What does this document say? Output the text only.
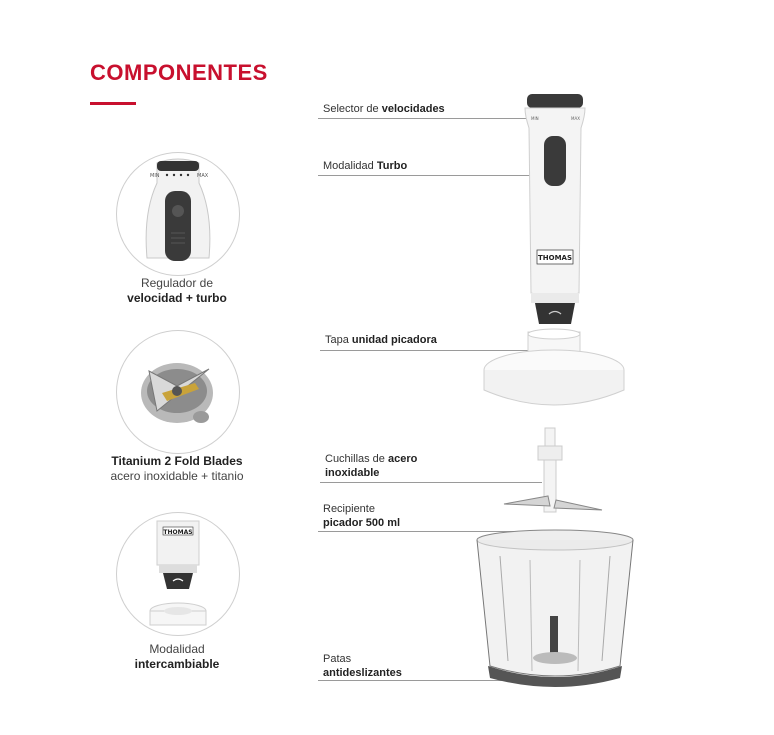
COMPONENTES
MIN	MAX
Regulador de
velocidad + turbo
Titanium 2 Fold Blades
acero inoxidable + titanio
THOMAS
Modalidad
intercambiable
Selector de velocidades
Modalidad Turbo
Tapa unidad picadora
Cuchillas de acero
inoxidable
Recipiente
picador 500 ml
Patas
antideslizantes
MIN	MAX
THOMAS
